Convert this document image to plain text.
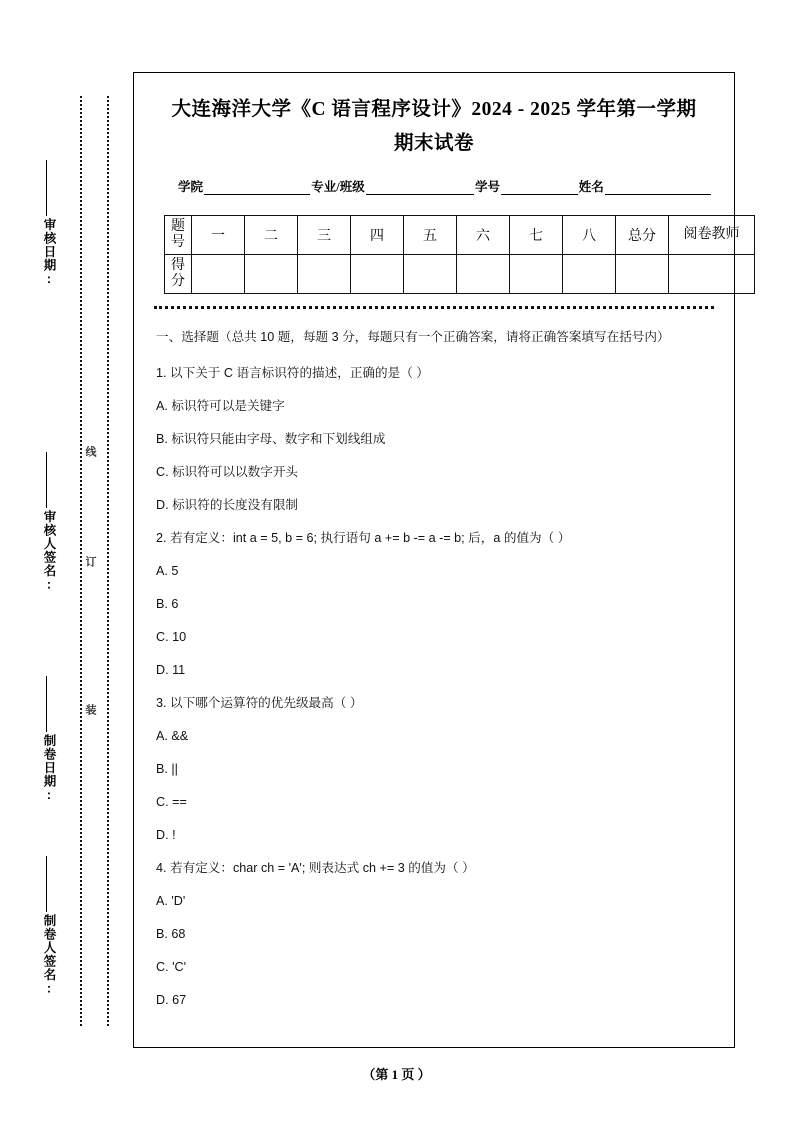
审核日期:
审核人签名:
制卷日期:
制卷人签名:
线
订
装
大连海洋大学《C 语言程序设计》2024 - 2025 学年第一学期期末试卷
学院	专业/班级	学号	姓名
题号	一	二	三	四	五	六	七	八	总分	阅卷教师
得分										
一、选择题（总共 10 题，每题 3 分，每题只有一个正确答案，请将正确答案填写在括号内）
1. 以下关于 C 语言标识符的描述，正确的是（ ）
A. 标识符可以是关键字
B. 标识符只能由字母、数字和下划线组成
C. 标识符可以以数字开头
D. 标识符的长度没有限制
2. 若有定义：int a = 5, b = 6; 执行语句 a += b -= a -= b; 后，a 的值为（ ）
A. 5
B. 6
C. 10
D. 11
3. 以下哪个运算符的优先级最高（ ）
A. &&
B. ||
C. ==
D. !
4. 若有定义：char ch = 'A'; 则表达式 ch += 3 的值为（ ）
A. 'D'
B. 68
C. 'C'
D. 67
（第 1 页 ）
